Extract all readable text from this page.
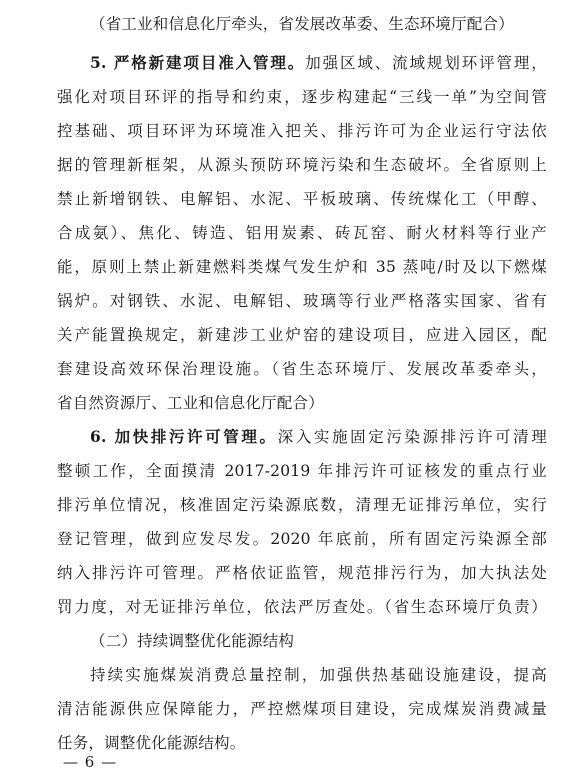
（省工业和信息化厅牵头，省发展改革委、生态环境厅配合）
5. 严格新建项目准入管理。加强区域、流域规划环评管理，
强化对项目环评的指导和约束，逐步构建起“三线一单”为空间管
控基础、项目环评为环境准入把关、排污许可为企业运行守法依
据的管理新框架，从源头预防环境污染和生态破坏。全省原则上
禁止新增钢铁、电解铝、水泥、平板玻璃、传统煤化工（甲醇、
合成氨）、焦化、铸造、铝用炭素、砖瓦窑、耐火材料等行业产
能，原则上禁止新建燃料类煤气发生炉和 35 蒸吨/时及以下燃煤
锅炉。对钢铁、水泥、电解铝、玻璃等行业严格落实国家、省有
关产能置换规定，新建涉工业炉窑的建设项目，应进入园区，配
套建设高效环保治理设施。（省生态环境厅、发展改革委牵头，
省自然资源厅、工业和信息化厅配合）
6. 加快排污许可管理。深入实施固定污染源排污许可清理
整顿工作，全面摸清 2017-2019 年排污许可证核发的重点行业
排污单位情况，核准固定污染源底数，清理无证排污单位，实行
登记管理，做到应发尽发。2020 年底前，所有固定污染源全部
纳入排污许可管理。严格依证监管，规范排污行为，加大执法处
罚力度，对无证排污单位，依法严厉查处。（省生态环境厅负责）
（二）持续调整优化能源结构
持续实施煤炭消费总量控制，加强供热基础设施建设，提高
清洁能源供应保障能力，严控燃煤项目建设，完成煤炭消费减量
任务，调整优化能源结构。
— 6 —
